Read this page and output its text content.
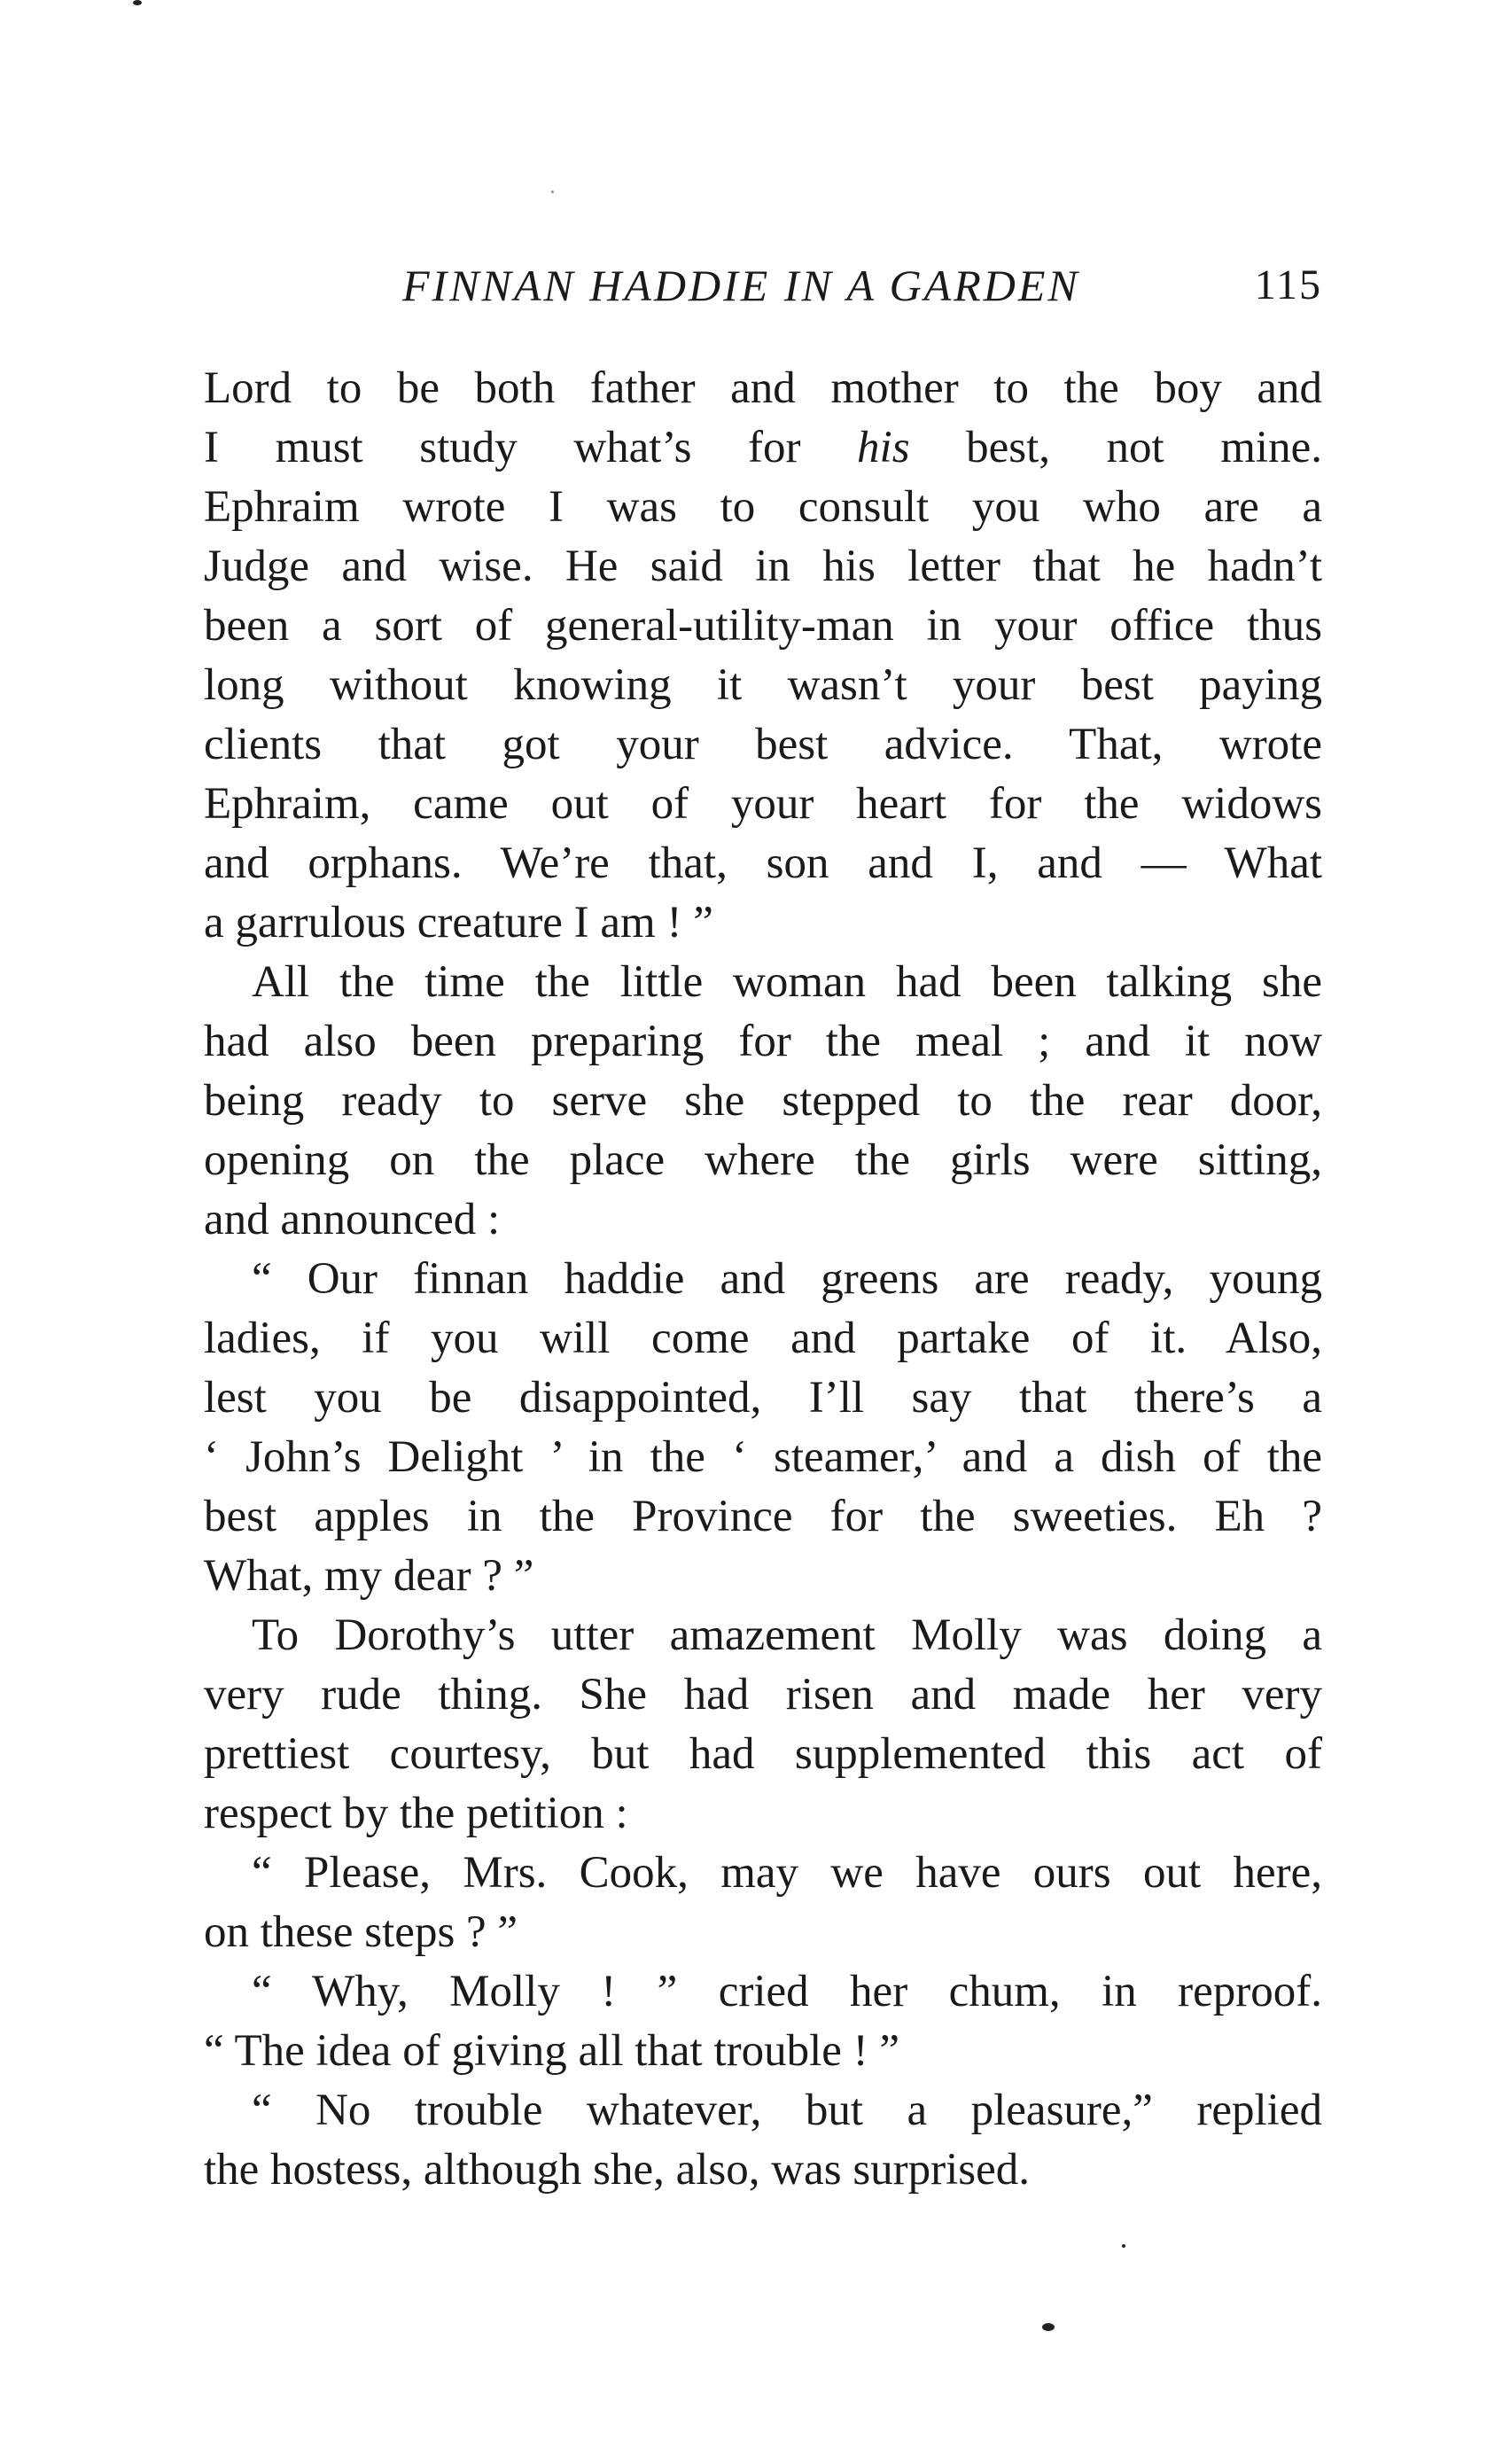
FINNAN HADDIE IN A GARDEN	115
Lord to be both father and mother to the boy and
I must study what’s for his best, not mine.
Ephraim wrote I was to consult you who are a
Judge and wise. He said in his letter that he hadn’t
been a sort of general-utility-man in your office thus
long without knowing it wasn’t your best paying
clients that got your best advice. That, wrote
Ephraim, came out of your heart for the widows
and orphans. We’re that, son and I, and — What
a garrulous creature I am ! ”
All the time the little woman had been talking she
had also been preparing for the meal ; and it now
being ready to serve she stepped to the rear door,
opening on the place where the girls were sitting,
and announced :
“ Our finnan haddie and greens are ready, young
ladies, if you will come and partake of it. Also,
lest you be disappointed, I’ll say that there’s a
‘ John’s Delight ’ in the ‘ steamer,’ and a dish of the
best apples in the Province for the sweeties. Eh ?
What, my dear ? ”
To Dorothy’s utter amazement Molly was doing a
very rude thing. She had risen and made her very
prettiest courtesy, but had supplemented this act of
respect by the petition :
“ Please, Mrs. Cook, may we have ours out here,
on these steps ? ”
“ Why, Molly ! ” cried her chum, in reproof.
“ The idea of giving all that trouble ! ”
“ No trouble whatever, but a pleasure,” replied
the hostess, although she, also, was surprised.
